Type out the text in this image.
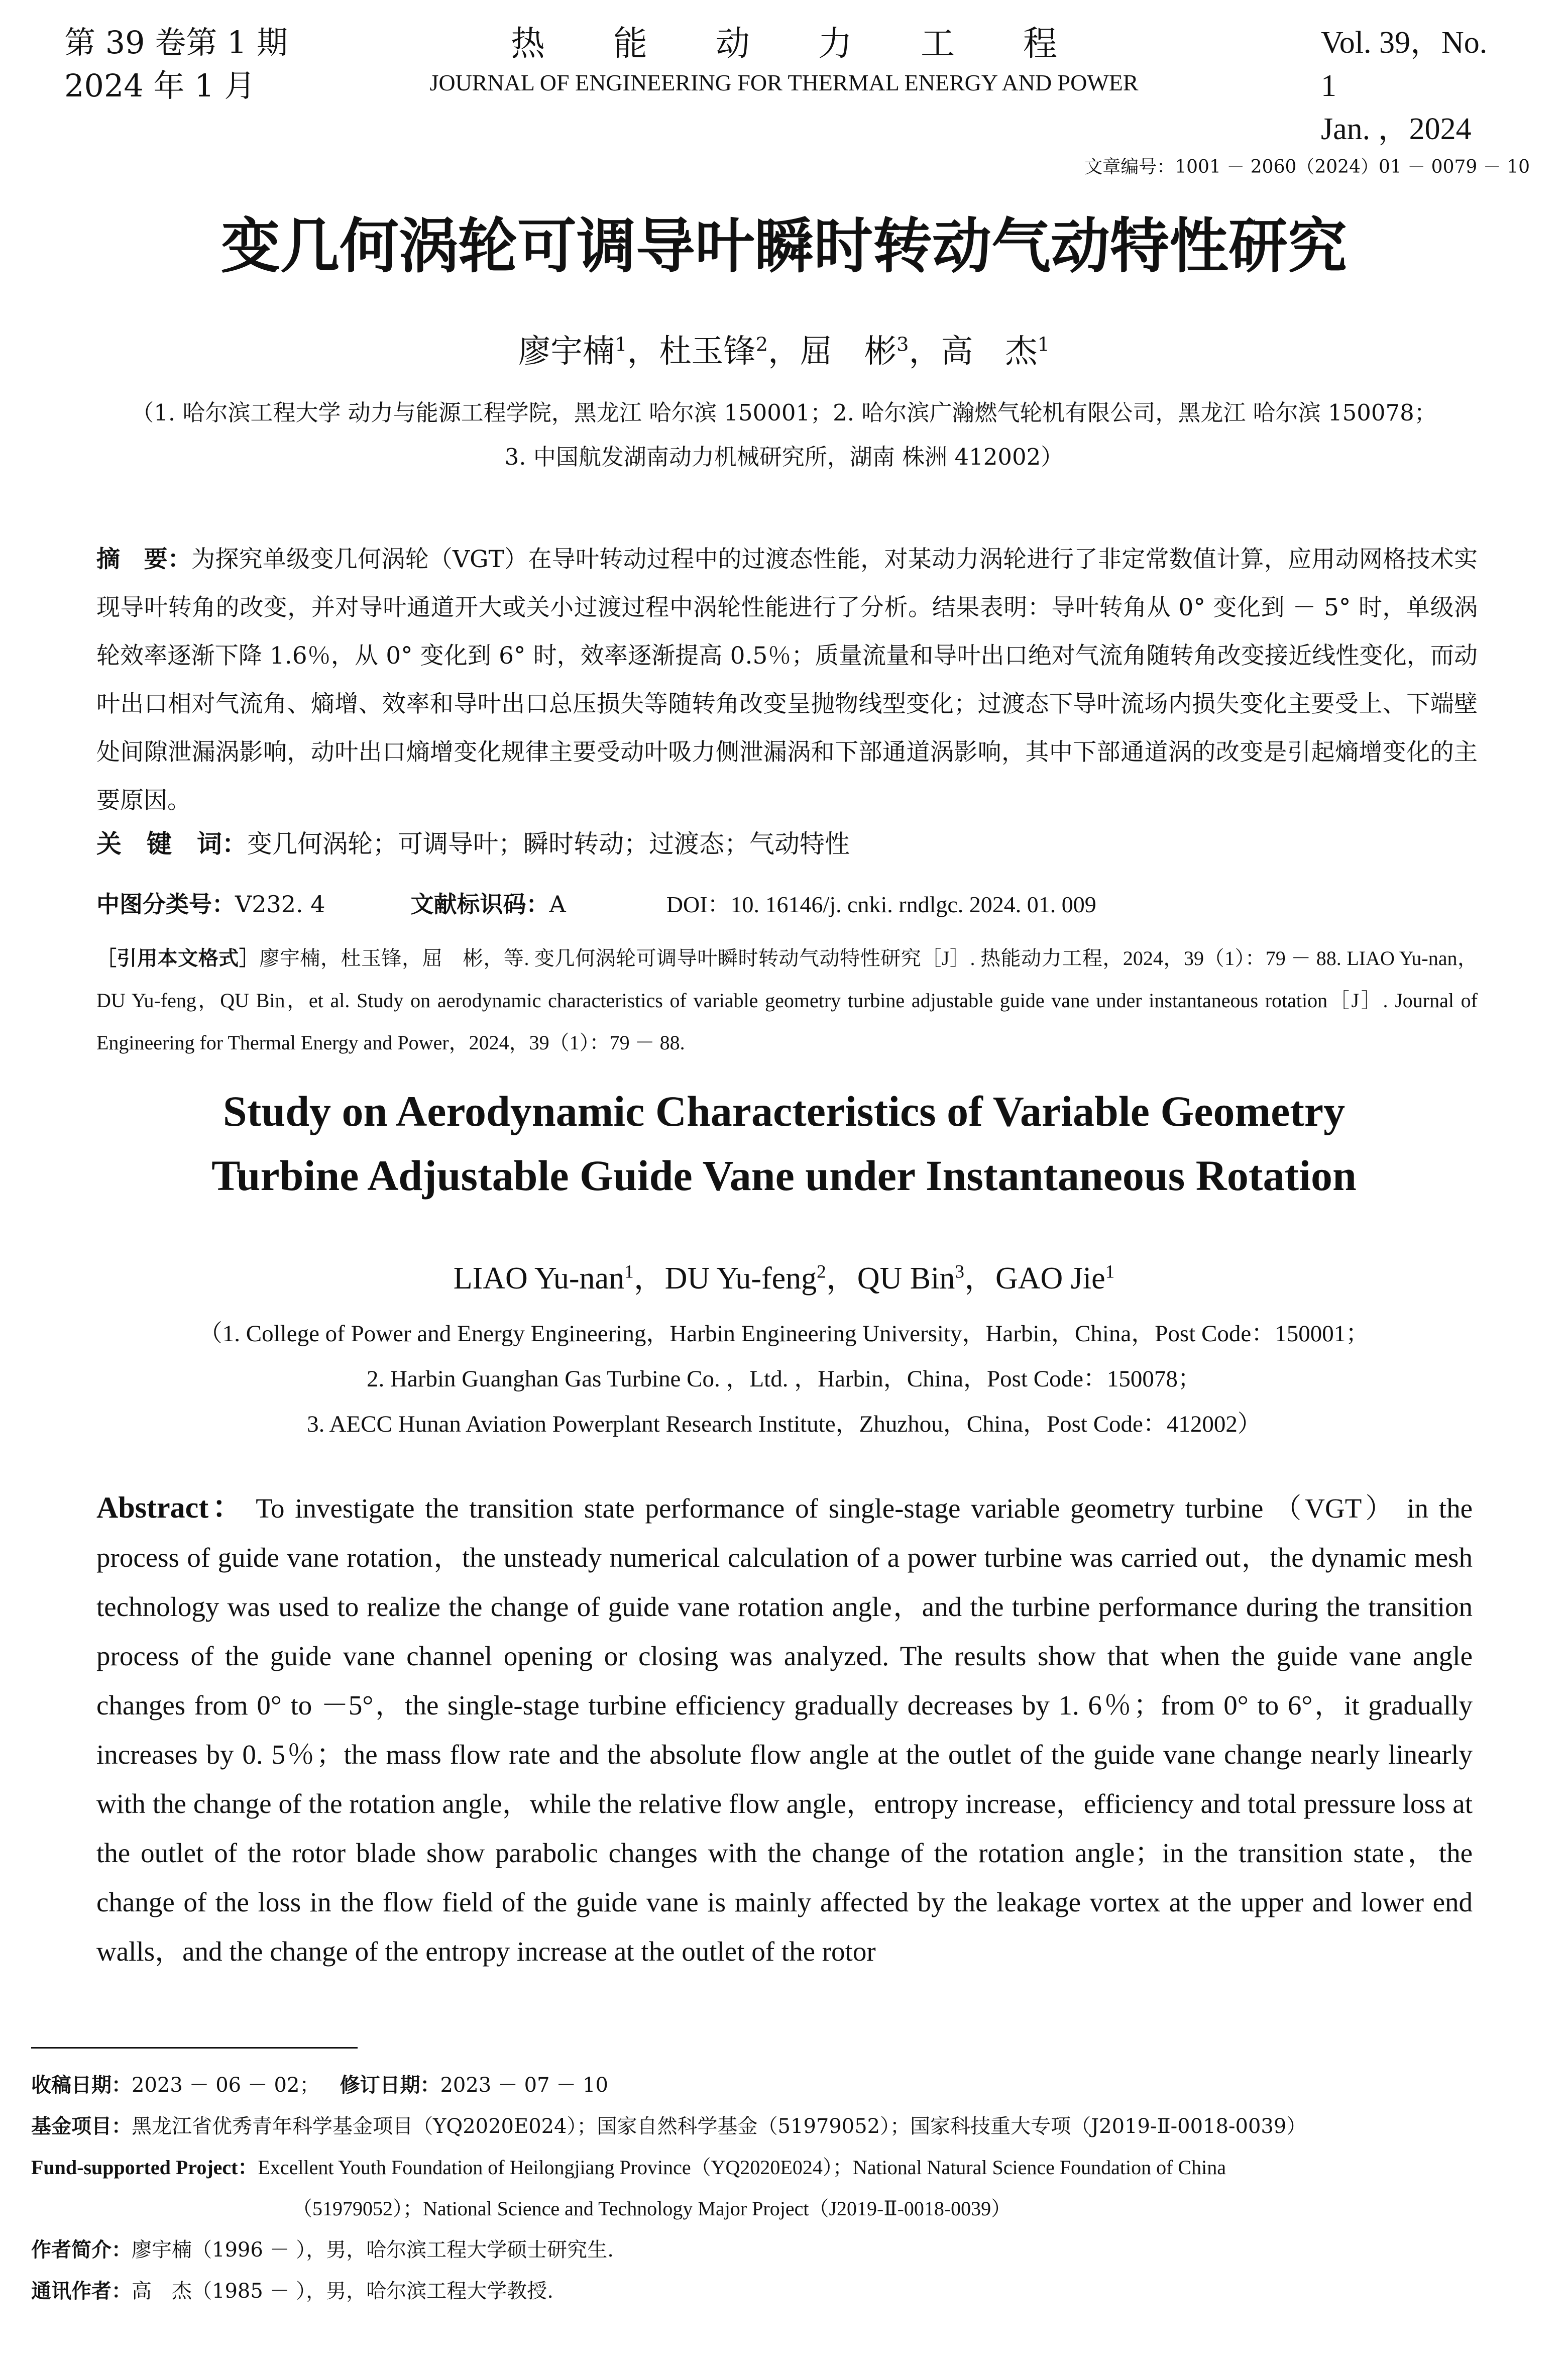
第 39 卷第 1 期
2024 年 1 月
热　　能　　动　　力　　工　　程
JOURNAL OF ENGINEERING FOR THERMAL ENERGY AND POWER
Vol. 39，No. 1
Jan. ，2024
文章编号：1001 － 2060（2024）01 － 0079 － 10
变几何涡轮可调导叶瞬时转动气动特性研究
廖宇楠$^1$，杜玉锋$^2$，屈　彬$^3$，高　杰$^1$
（1. 哈尔滨工程大学 动力与能源工程学院，黑龙江 哈尔滨 150001；2. 哈尔滨广瀚燃气轮机有限公司，黑龙江 哈尔滨 150078；
3. 中国航发湖南动力机械研究所，湖南 株洲 412002）
摘　要：为探究单级变几何涡轮（VGT）在导叶转动过程中的过渡态性能，对某动力涡轮进行了非定常数值计算，应用动网格技术实现导叶转角的改变，并对导叶通道开大或关小过渡过程中涡轮性能进行了分析。结果表明：导叶转角从 0° 变化到 － 5° 时，单级涡轮效率逐渐下降 1.6％，从 0° 变化到 6° 时，效率逐渐提高 0.5％；质量流量和导叶出口绝对气流角随转角改变接近线性变化，而动叶出口相对气流角、熵增、效率和导叶出口总压损失等随转角改变呈抛物线型变化；过渡态下导叶流场内损失变化主要受上、下端壁处间隙泄漏涡影响，动叶出口熵增变化规律主要受动叶吸力侧泄漏涡和下部通道涡影响，其中下部通道涡的改变是引起熵增变化的主要原因。
关　键　词：变几何涡轮；可调导叶；瞬时转动；过渡态；气动特性
中图分类号：V232. 4	文献标识码：A	DOI：10. 16146/j. cnki. rndlgc. 2024. 01. 009
［引用本文格式］廖宇楠，杜玉锋，屈　彬，等. 变几何涡轮可调导叶瞬时转动气动特性研究［J］. 热能动力工程，2024，39（1）：79 － 88. LIAO Yu-nan，DU Yu-feng，QU Bin，et al. Study on aerodynamic characteristics of variable geometry turbine adjustable guide vane under instantaneous rotation［J］. Journal of Engineering for Thermal Energy and Power，2024，39（1）：79 － 88.
Study on Aerodynamic Characteristics of Variable Geometry
Turbine Adjustable Guide Vane under Instantaneous Rotation
LIAO Yu-nan$^1$，DU Yu-feng$^2$，QU Bin$^3$，GAO Jie$^1$
（1. College of Power and Energy Engineering，Harbin Engineering University，Harbin，China，Post Code：150001；
2. Harbin Guanghan Gas Turbine Co. ，Ltd. ，Harbin，China，Post Code：150078；
3. AECC Hunan Aviation Powerplant Research Institute，Zhuzhou，China，Post Code：412002）
Abstract： To investigate the transition state performance of single-stage variable geometry turbine （VGT） in the process of guide vane rotation，the unsteady numerical calculation of a power turbine was carried out，the dynamic mesh technology was used to realize the change of guide vane rotation angle，and the turbine performance during the transition process of the guide vane channel opening or closing was analyzed. The results show that when the guide vane angle changes from 0° to －5°，the single-stage turbine efficiency gradually decreases by 1. 6％；from 0° to 6°，it gradually increases by 0. 5％；the mass flow rate and the absolute flow angle at the outlet of the guide vane change nearly linearly with the change of the rotation angle，while the relative flow angle，entropy increase，efficiency and total pressure loss at the outlet of the rotor blade show parabolic changes with the change of the rotation angle；in the transition state，the change of the loss in the flow field of the guide vane is mainly affected by the leakage vortex at the upper and lower end walls，and the change of the entropy increase at the outlet of the rotor
收稿日期：2023 － 06 － 02； 修订日期：2023 － 07 － 10
基金项目：黑龙江省优秀青年科学基金项目（YQ2020E024）；国家自然科学基金（51979052）；国家科技重大专项（J2019-Ⅱ-0018-0039）
Fund-supported Project：Excellent Youth Foundation of Heilongjiang Province（YQ2020E024）；National Natural Science Foundation of China
（51979052）；National Science and Technology Major Project（J2019-Ⅱ-0018-0039）
作者简介：廖宇楠（1996 － ），男，哈尔滨工程大学硕士研究生.
通讯作者：高　杰（1985 － ），男，哈尔滨工程大学教授.
